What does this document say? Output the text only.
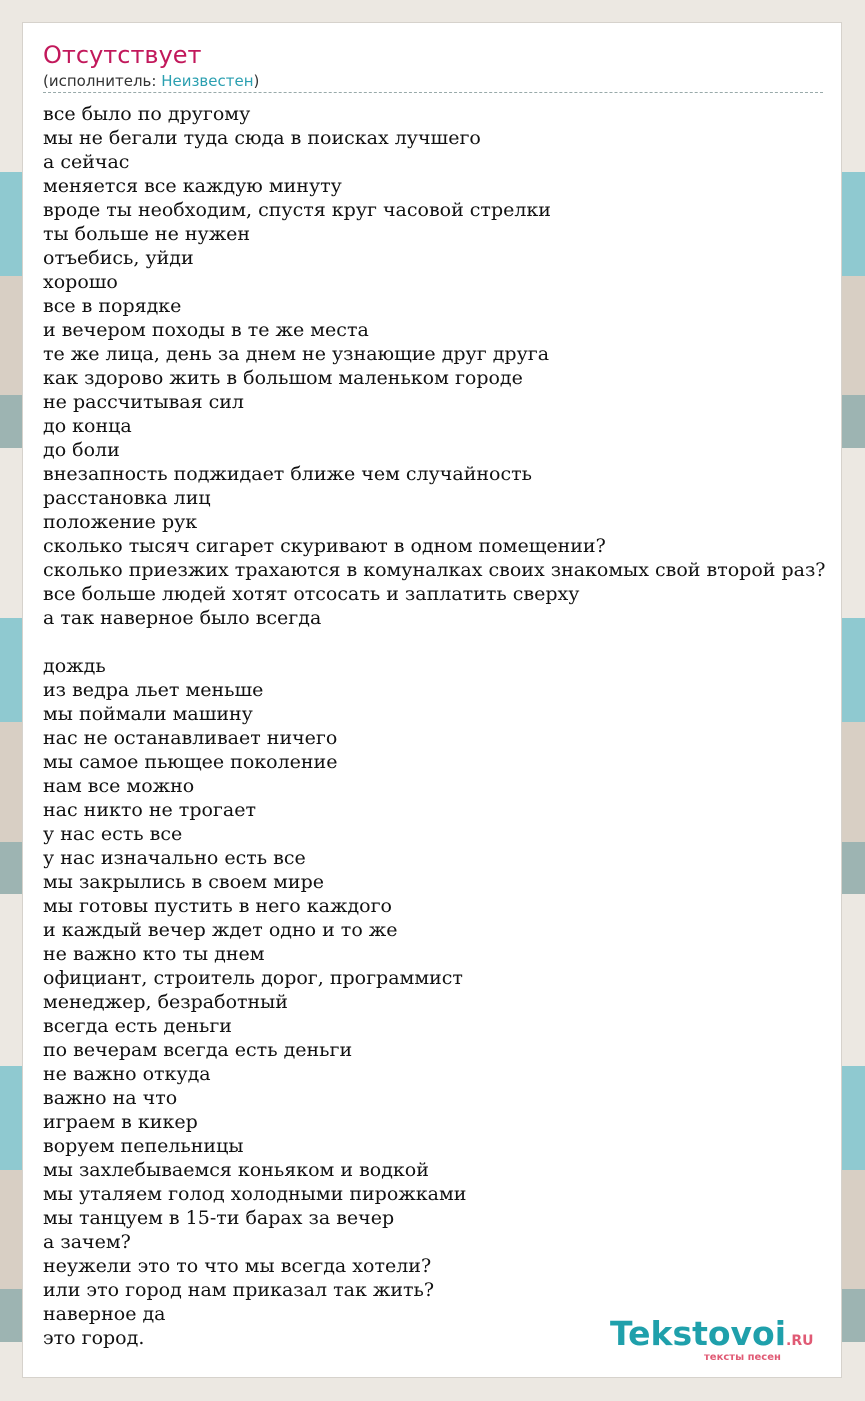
Отсутствует
(исполнитель: Неизвестен)
все было по другому
мы не бегали туда сюда в поисках лучшего
а сейчас
меняется все каждую минуту
вроде ты необходим, спустя круг часовой стрелки
ты больше не нужен
отъебись, уйди
хорошо
все в порядке
и вечером походы в те же места
те же лица, день за днем не узнающие друг друга
как здорово жить в большом маленьком городе
не рассчитывая сил
до конца
до боли
внезапность поджидает ближе чем случайность
расстановка лиц
положение рук
сколько тысяч сигарет скуривают в одном помещении?
сколько приезжих трахаются в комуналках своих знакомых свой второй раз?
все больше людей хотят отсосать и заплатить сверху
а так наверное было всегда
дождь
из ведра льет меньше
мы поймали машину
нас не останавливает ничего
мы самое пьющее поколение
нам все можно
нас никто не трогает
у нас есть все
у нас изначально есть все
мы закрылись в своем мире
мы готовы пустить в него каждого
и каждый вечер ждет одно и то же
не важно кто ты днем
официант, строитель дорог, программист
менеджер, безработный
всегда есть деньги
по вечерам всегда есть деньги
не важно откуда
важно на что
играем в кикер
воруем пепельницы
мы захлебываемся коньяком и водкой
мы уталяем голод холодными пирожками
мы танцуем в 15-ти барах за вечер
а зачем?
неужели это то что мы всегда хотели?
или это город нам приказал так жить?
наверное да
это город.	Tekstovoi.RU
тексты песен
